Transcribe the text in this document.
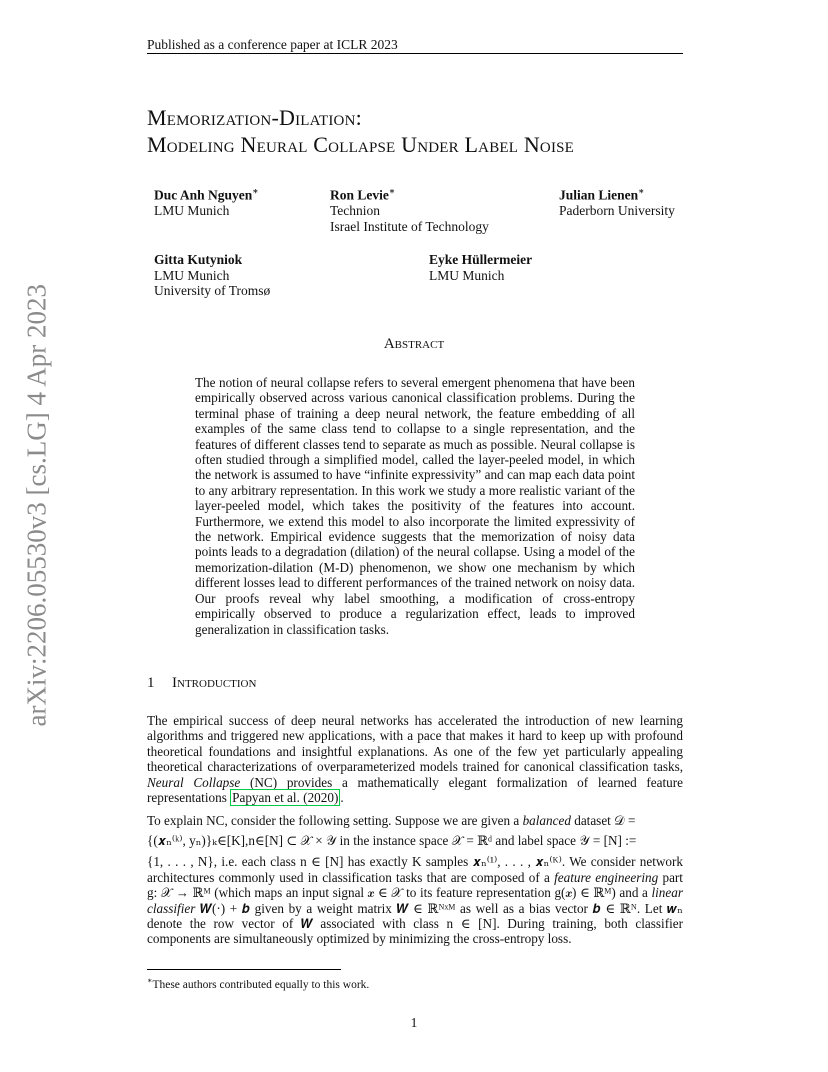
Published as a conference paper at ICLR 2023
Memorization-Dilation:
Modeling Neural Collapse Under Label Noise
Duc Anh Nguyen∗
LMU Munich
Ron Levie∗
Technion
Israel Institute of Technology
Julian Lienen∗
Paderborn University
Gitta Kutyniok
LMU Munich
University of Tromsø
Eyke Hüllermeier
LMU Munich
Abstract
The notion of neural collapse refers to several emergent phenomena that have been empirically observed across various canonical classification problems. During the terminal phase of training a deep neural network, the feature embedding of all examples of the same class tend to collapse to a single representation, and the features of different classes tend to separate as much as possible. Neural collapse is often studied through a simplified model, called the layer-peeled model, in which the network is assumed to have “infinite expressivity” and can map each data point to any arbitrary representation. In this work we study a more realistic variant of the layer-peeled model, which takes the positivity of the features into account. Furthermore, we extend this model to also incorporate the limited expressivity of the network. Empirical evidence suggests that the memorization of noisy data points leads to a degradation (dilation) of the neural collapse. Using a model of the memorization-dilation (M-D) phenomenon, we show one mechanism by which different losses lead to different performances of the trained network on noisy data. Our proofs reveal why label smoothing, a modification of cross-entropy empirically observed to produce a regularization effect, leads to improved generalization in classification tasks.
1 Introduction
The empirical success of deep neural networks has accelerated the introduction of new learning algorithms and triggered new applications, with a pace that makes it hard to keep up with profound theoretical foundations and insightful explanations. As one of the few yet particularly appealing theoretical characterizations of overparameterized models trained for canonical classification tasks, Neural Collapse (NC) provides a mathematically elegant formalization of learned feature representations Papyan et al. (2020) .
To explain NC, consider the following setting. Suppose we are given a balanced dataset 𝒟 =
{(𝒙ₙ⁽ᵏ⁾, yₙ)}ₖ∈[K],n∈[N] ⊂ 𝒳 × 𝒴 in the instance space 𝒳 = ℝᵈ and label space 𝒴 = [N] :=
{1, . . . , N}, i.e. each class n ∈ [N] has exactly K samples 𝒙ₙ⁽¹⁾, . . . , 𝒙ₙ⁽ᴷ⁾. We consider network architectures commonly used in classification tasks that are composed of a feature engineering part g: 𝒳 → ℝᴹ (which maps an input signal 𝒙 ∈ 𝒳 to its feature representation g(𝒙) ∈ ℝᴹ) and a linear classifier 𝑾(·) + 𝒃 given by a weight matrix 𝑾 ∈ ℝᴺˣᴹ as well as a bias vector 𝒃 ∈ ℝᴺ. Let 𝒘ₙ denote the row vector of 𝑾 associated with class n ∈ [N]. During training, both classifier components are simultaneously optimized by minimizing the cross-entropy loss.
∗These authors contributed equally to this work.
1
arXiv:2206.05530v3 [cs.LG] 4 Apr 2023
